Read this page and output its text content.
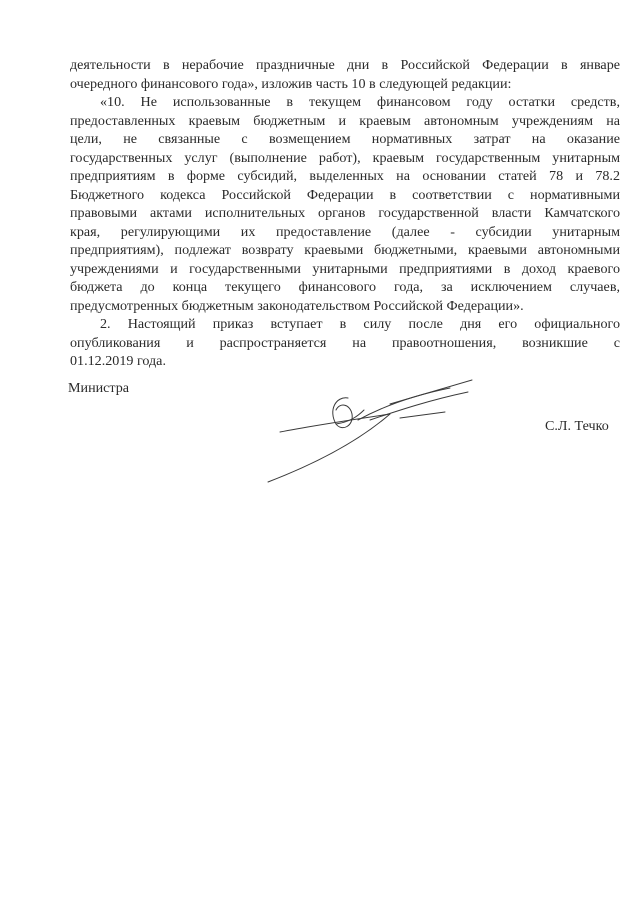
деятельности в нерабочие праздничные дни в Российской Федерации в январе
очередного финансового года», изложив часть 10 в следующей редакции:
«10. Не использованные в текущем финансовом году остатки средств,
предоставленных краевым бюджетным и краевым автономным учреждениям на
цели, не связанные с возмещением нормативных затрат на оказание
государственных услуг (выполнение работ), краевым государственным унитарным
предприятиям в форме субсидий, выделенных на основании статей 78 и 78.2
Бюджетного кодекса Российской Федерации в соответствии с нормативными
правовыми актами исполнительных органов государственной власти Камчатского
края, регулирующими их предоставление (далее - субсидии унитарным
предприятиям), подлежат возврату краевыми бюджетными, краевыми автономными
учреждениями и государственными унитарными предприятиями в доход краевого
бюджета до конца текущего финансового года, за исключением случаев,
предусмотренных бюджетным законодательством Российской Федерации».
2. Настоящий приказ вступает в силу после дня его официального
опубликования и распространяется на правоотношения, возникшие с
01.12.2019 года.
Министра
С.Л. Течко
